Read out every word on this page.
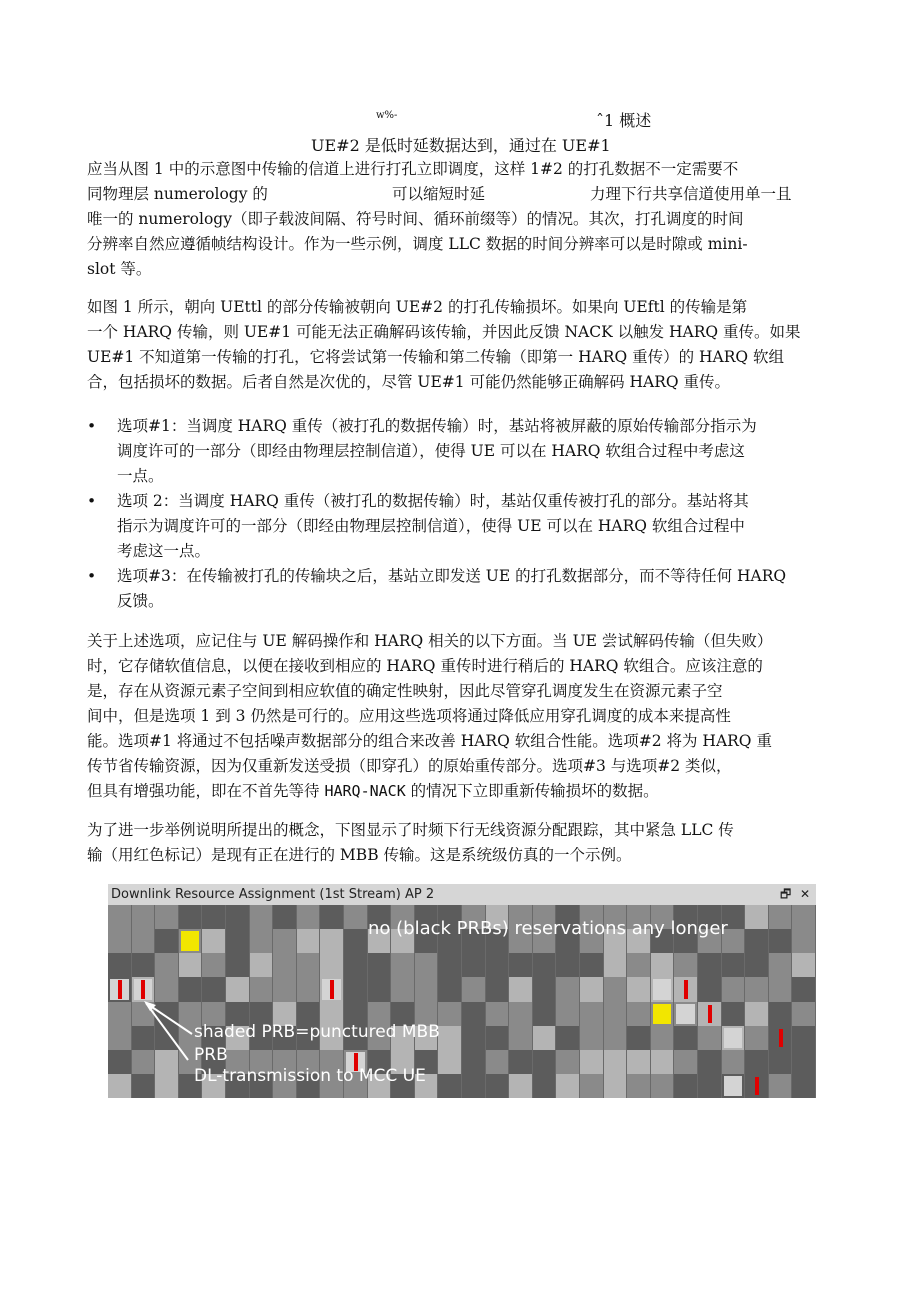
w%-	ˆ1 概述
UE#2 是低时延数据达到，通过在 UE#1
应当从图 1 中的示意图中传输的信道上进行打孔立即调度，这样 1#2 的打孔数据不一定需要不
同物理层 numerology 的	可以缩短时延	力理下行共享信道使用单一且
唯一的 numerology（即子载波间隔、符号时间、循环前缀等）的情况。其次，打孔调度的时间
分辨率自然应遵循帧结构设计。作为一些示例，调度 LLC 数据的时间分辨率可以是时隙或 mini-
slot 等。
如图 1 所示，朝向 UEttl 的部分传输被朝向 UE#2 的打孔传输损坏。如果向 UEftl 的传输是第
一个 HARQ 传输，则 UE#1 可能无法正确解码该传输，并因此反馈 NACK 以触发 HARQ 重传。如果
UE#1 不知道第一传输的打孔，它将尝试第一传输和第二传输（即第一 HARQ 重传）的 HARQ 软组
合，包括损坏的数据。后者自然是次优的，尽管 UE#1 可能仍然能够正确解码 HARQ 重传。
• 选项#1：当调度 HARQ 重传（被打孔的数据传输）时，基站将被屏蔽的原始传输部分指示为
调度许可的一部分（即经由物理层控制信道），使得 UE 可以在 HARQ 软组合过程中考虑这
一点。
• 选项 2：当调度 HARQ 重传（被打孔的数据传输）时，基站仅重传被打孔的部分。基站将其
指示为调度许可的一部分（即经由物理层控制信道），使得 UE 可以在 HARQ 软组合过程中
考虑这一点。
• 选项#3：在传输被打孔的传输块之后，基站立即发送 UE 的打孔数据部分，而不等待任何 HARQ
反馈。
关于上述选项，应记住与 UE 解码操作和 HARQ 相关的以下方面。当 UE 尝试解码传输（但失败）
时，它存储软值信息，以便在接收到相应的 HARQ 重传时进行稍后的 HARQ 软组合。应该注意的
是，存在从资源元素子空间到相应软值的确定性映射，因此尽管穿孔调度发生在资源元素子空
间中，但是选项 1 到 3 仍然是可行的。应用这些选项将通过降低应用穿孔调度的成本来提高性
能。选项#1 将通过不包括噪声数据部分的组合来改善 HARQ 软组合性能。选项#2 将为 HARQ 重
传节省传输资源，因为仅重新发送受损（即穿孔）的原始重传部分。选项#3 与选项#2 类似，
但具有增强功能，即在不首先等待 HARQ-NACK 的情况下立即重新传输损坏的数据。
为了进一步举例说明所提出的概念，下图显示了时频下行无线资源分配跟踪，其中紧急 LLC 传
输（用红色标记）是现有正在进行的 MBB 传输。这是系统级仿真的一个示例。
Downlink Resource Assignment (1st Stream) AP 2	🗗 ✕
no (black PRBs) reservations any longer
shaded PRB=punctured MBB
PRB
DL-transmission to MCC UE
